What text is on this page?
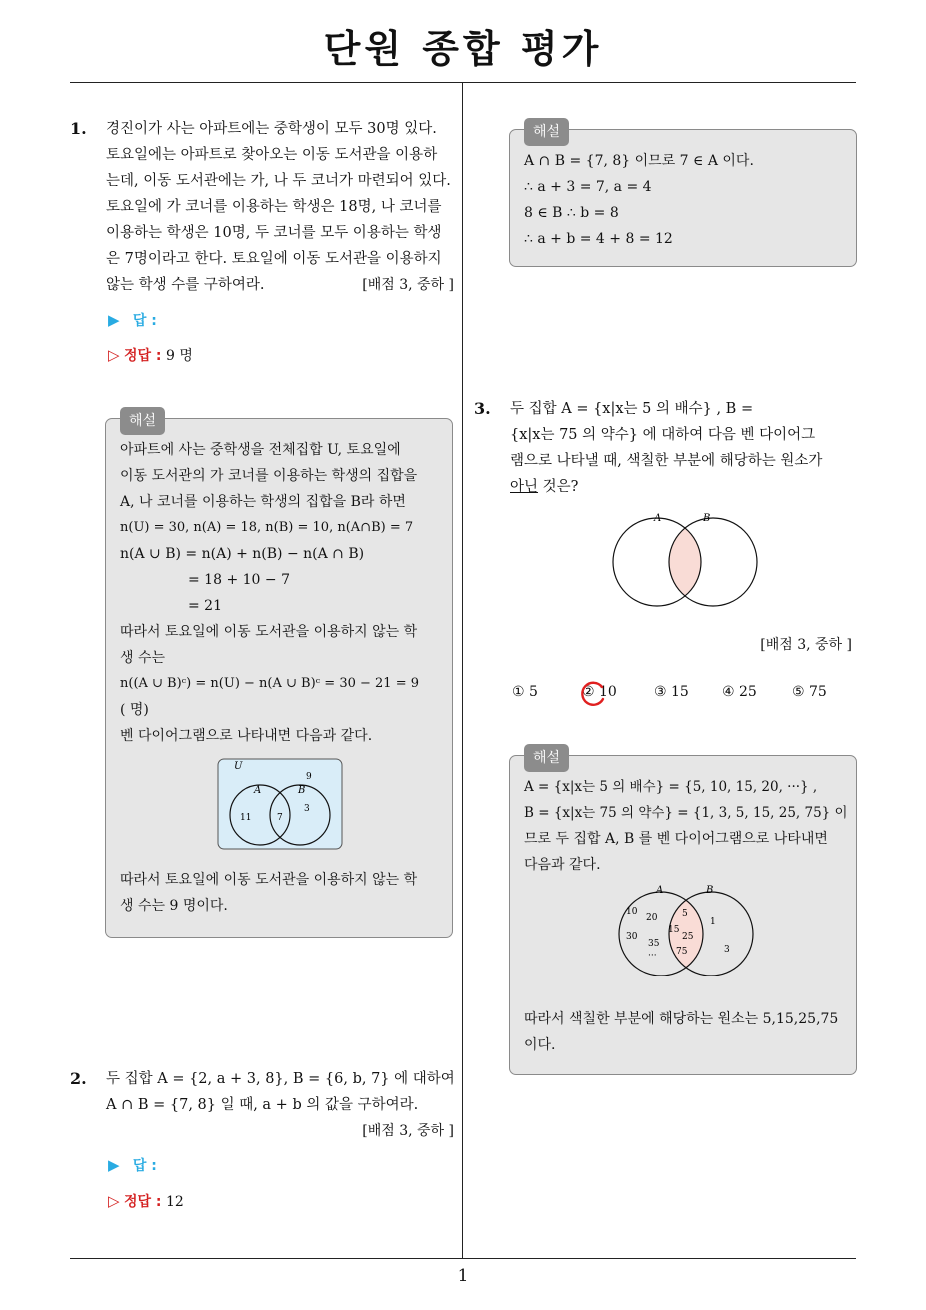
단원 종합 평가
1
1. 경진이가 사는 아파트에는 중학생이 모두 30명 있다.
토요일에는 아파트로 찾아오는 이동 도서관을 이용하
는데, 이동 도서관에는 가, 나 두 코너가 마련되어 있다.
토요일에 가 코너를 이용하는 학생은 18명, 나 코너를
이용하는 학생은 10명, 두 코너를 모두 이용하는 학생
은 7명이라고 한다. 토요일에 이동 도서관을 이용하지
않는 학생 수를 구하여라.	[배점 3, 중하 ]
▶ 답 :
▷ 정답 : 9 명
해설
아파트에 사는 중학생을 전체집합 U, 토요일에
이동 도서관의 가 코너를 이용하는 학생의 집합을
A, 나 코너를 이용하는 학생의 집합을 B라 하면
n(U) = 30, n(A) = 18, n(B) = 10, n(A∩B) = 7
n(A ∪ B) = n(A) + n(B) − n(A ∩ B)
= 18 + 10 − 7
= 21
따라서 토요일에 이동 도서관을 이용하지 않는 학
생 수는
n((A ∪ B)ᶜ) = n(U) − n(A ∪ B)ᶜ = 30 − 21 = 9
( 명)
벤 다이어그램으로 나타내면 다음과 같다.
U
A	B
9
11	7
3
따라서 토요일에 이동 도서관을 이용하지 않는 학
생 수는 9 명이다.
2. 두 집합 A = {2, a + 3, 8}, B = {6, b, 7} 에 대하여
A ∩ B = {7, 8} 일 때, a + b 의 값을 구하여라.
[배점 3, 중하 ]
▶ 답 :
▷ 정답 : 12
해설
A ∩ B = {7, 8} 이므로 7 ∈ A 이다.
∴ a + 3 = 7, a = 4
8 ∈ B ∴ b = 8
∴ a + b = 4 + 8 = 12
3. 두 집합 A = {x|x는 5 의 배수} , B =
{x|x는 75 의 약수} 에 대하여 다음 벤 다이어그
램으로 나타낼 때, 색칠한 부분에 해당하는 원소가
아닌 것은?
A	B
[배점 3, 중하 ]
① 5	② 10	③ 15 ④ 25	⑤ 75
해설
A = {x|x는 5 의 배수} = {5, 10, 15, 20, ···} ,
B = {x|x는 75 의 약수} = {1, 3, 5, 15, 25, 75} 이
므로 두 집합 A, B 를 벤 다이어그램으로 나타내면
다음과 같다.
A	B
10
20
30
35
···
5
15
25
75
1
3
따라서 색칠한 부분에 해당하는 원소는 5,15,25,75
이다.
